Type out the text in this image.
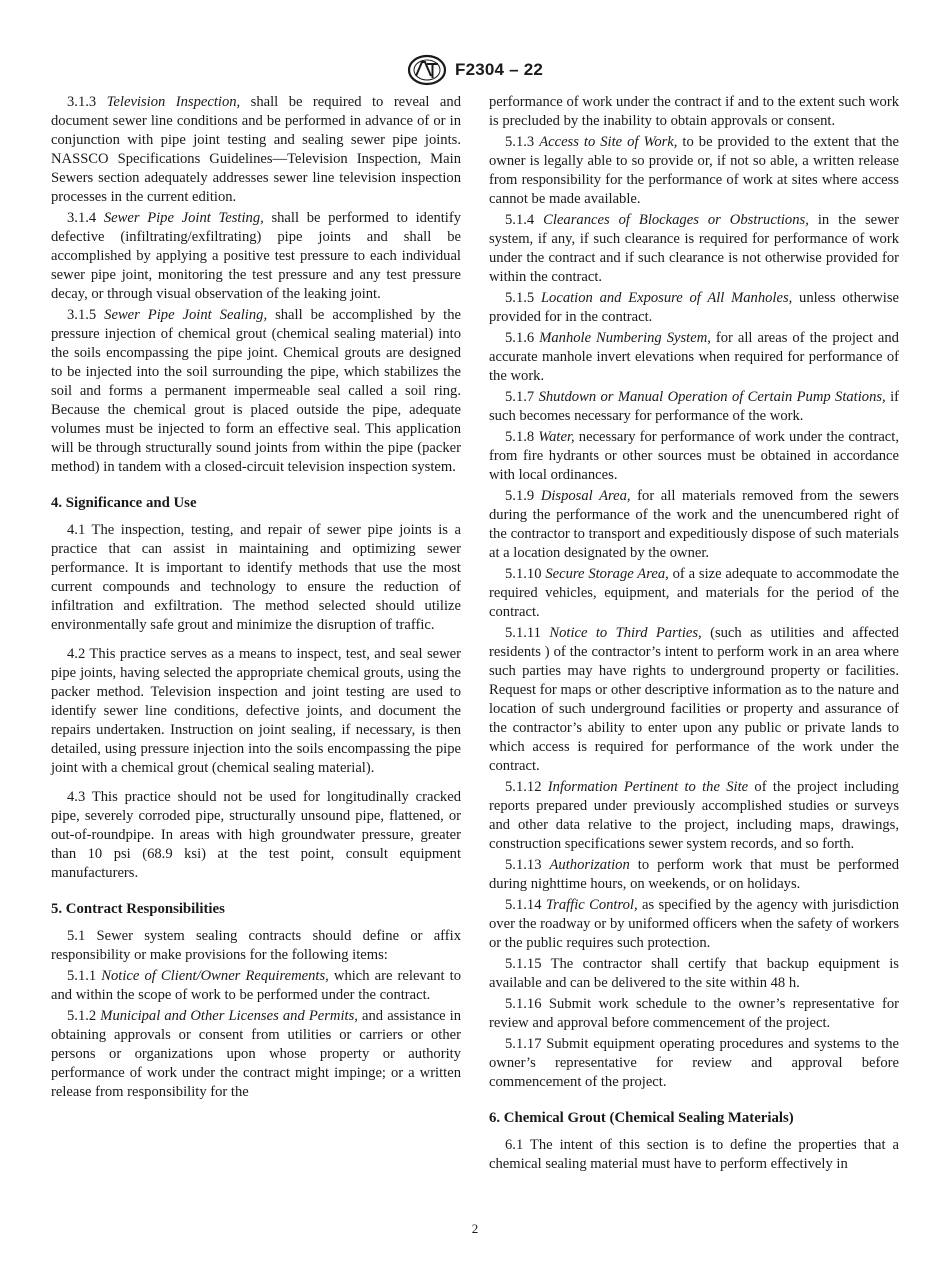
F2304 – 22

3.1.3 Television Inspection, shall be required to reveal and document sewer line conditions and be performed in advance of or in conjunction with pipe joint testing and sealing sewer pipe joints. NASSCO Specifications Guidelines—Television Inspection, Main Sewers section adequately addresses sewer line television inspection processes in the current edition.

3.1.4 Sewer Pipe Joint Testing, shall be performed to identify defective (infiltrating/exfiltrating) pipe joints and shall be accomplished by applying a positive test pressure to each individual sewer pipe joint, monitoring the test pressure and any test pressure decay, or through visual observation of the leaking joint.

3.1.5 Sewer Pipe Joint Sealing, shall be accomplished by the pressure injection of chemical grout (chemical sealing material) into the soils encompassing the pipe joint. Chemical grouts are designed to be injected into the soil surrounding the pipe, which stabilizes the soil and forms a permanent impermeable seal called a soil ring. Because the chemical grout is placed outside the pipe, adequate volumes must be injected to form an effective seal. This application will be through structurally sound joints from within the pipe (packer method) in tandem with a closed-circuit television inspection system.

4. Significance and Use

4.1 The inspection, testing, and repair of sewer pipe joints is a practice that can assist in maintaining and optimizing sewer performance. It is important to identify methods that use the most current compounds and technology to ensure the reduction of infiltration and exfiltration. The method selected should utilize environmentally safe grout and minimize the disruption of traffic.

4.2 This practice serves as a means to inspect, test, and seal sewer pipe joints, having selected the appropriate chemical grouts, using the packer method. Television inspection and joint testing are used to identify sewer line conditions, defective joints, and document the repairs undertaken. Instruction on joint sealing, if necessary, is then detailed, using pressure injection into the soils encompassing the pipe joint with a chemical grout (chemical sealing material).

4.3 This practice should not be used for longitudinally cracked pipe, severely corroded pipe, structurally unsound pipe, flattened, or out-of-roundpipe. In areas with high groundwater pressure, greater than 10 psi (68.9 ksi) at the test point, consult equipment manufacturers.

5. Contract Responsibilities

5.1 Sewer system sealing contracts should define or affix responsibility or make provisions for the following items:

5.1.1 Notice of Client/Owner Requirements, which are relevant to and within the scope of work to be performed under the contract.

5.1.2 Municipal and Other Licenses and Permits, and assistance in obtaining approvals or consent from utilities or carriers or other persons or organizations upon whose property or authority performance of work under the contract might impinge; or a written release from responsibility for the

performance of work under the contract if and to the extent such work is precluded by the inability to obtain approvals or consent.

5.1.3 Access to Site of Work, to be provided to the extent that the owner is legally able to so provide or, if not so able, a written release from responsibility for the performance of work at sites where access cannot be made available.

5.1.4 Clearances of Blockages or Obstructions, in the sewer system, if any, if such clearance is required for performance of work under the contract and if such clearance is not otherwise provided for within the contract.

5.1.5 Location and Exposure of All Manholes, unless otherwise provided for in the contract.

5.1.6 Manhole Numbering System, for all areas of the project and accurate manhole invert elevations when required for performance of the work.

5.1.7 Shutdown or Manual Operation of Certain Pump Stations, if such becomes necessary for performance of the work.

5.1.8 Water, necessary for performance of work under the contract, from fire hydrants or other sources must be obtained in accordance with local ordinances.

5.1.9 Disposal Area, for all materials removed from the sewers during the performance of the work and the unencumbered right of the contractor to transport and expeditiously dispose of such materials at a location designated by the owner.

5.1.10 Secure Storage Area, of a size adequate to accommodate the required vehicles, equipment, and materials for the period of the contract.

5.1.11 Notice to Third Parties, (such as utilities and affected residents ) of the contractor’s intent to perform work in an area where such parties may have rights to underground property or facilities. Request for maps or other descriptive information as to the nature and location of such underground facilities or property and assurance of the contractor’s ability to enter upon any public or private lands to which access is required for performance of the work under the contract.

5.1.12 Information Pertinent to the Site of the project including reports prepared under previously accomplished studies or surveys and other data relative to the project, including maps, drawings, construction specifications sewer system records, and so forth.

5.1.13 Authorization to perform work that must be performed during nighttime hours, on weekends, or on holidays.

5.1.14 Traffic Control, as specified by the agency with jurisdiction over the roadway or by uniformed officers when the safety of workers or the public requires such protection.

5.1.15 The contractor shall certify that backup equipment is available and can be delivered to the site within 48 h.

5.1.16 Submit work schedule to the owner’s representative for review and approval before commencement of the project.

5.1.17 Submit equipment operating procedures and systems to the owner’s representative for review and approval before commencement of the project.

6. Chemical Grout (Chemical Sealing Materials)

6.1 The intent of this section is to define the properties that a chemical sealing material must have to perform effectively in

2
